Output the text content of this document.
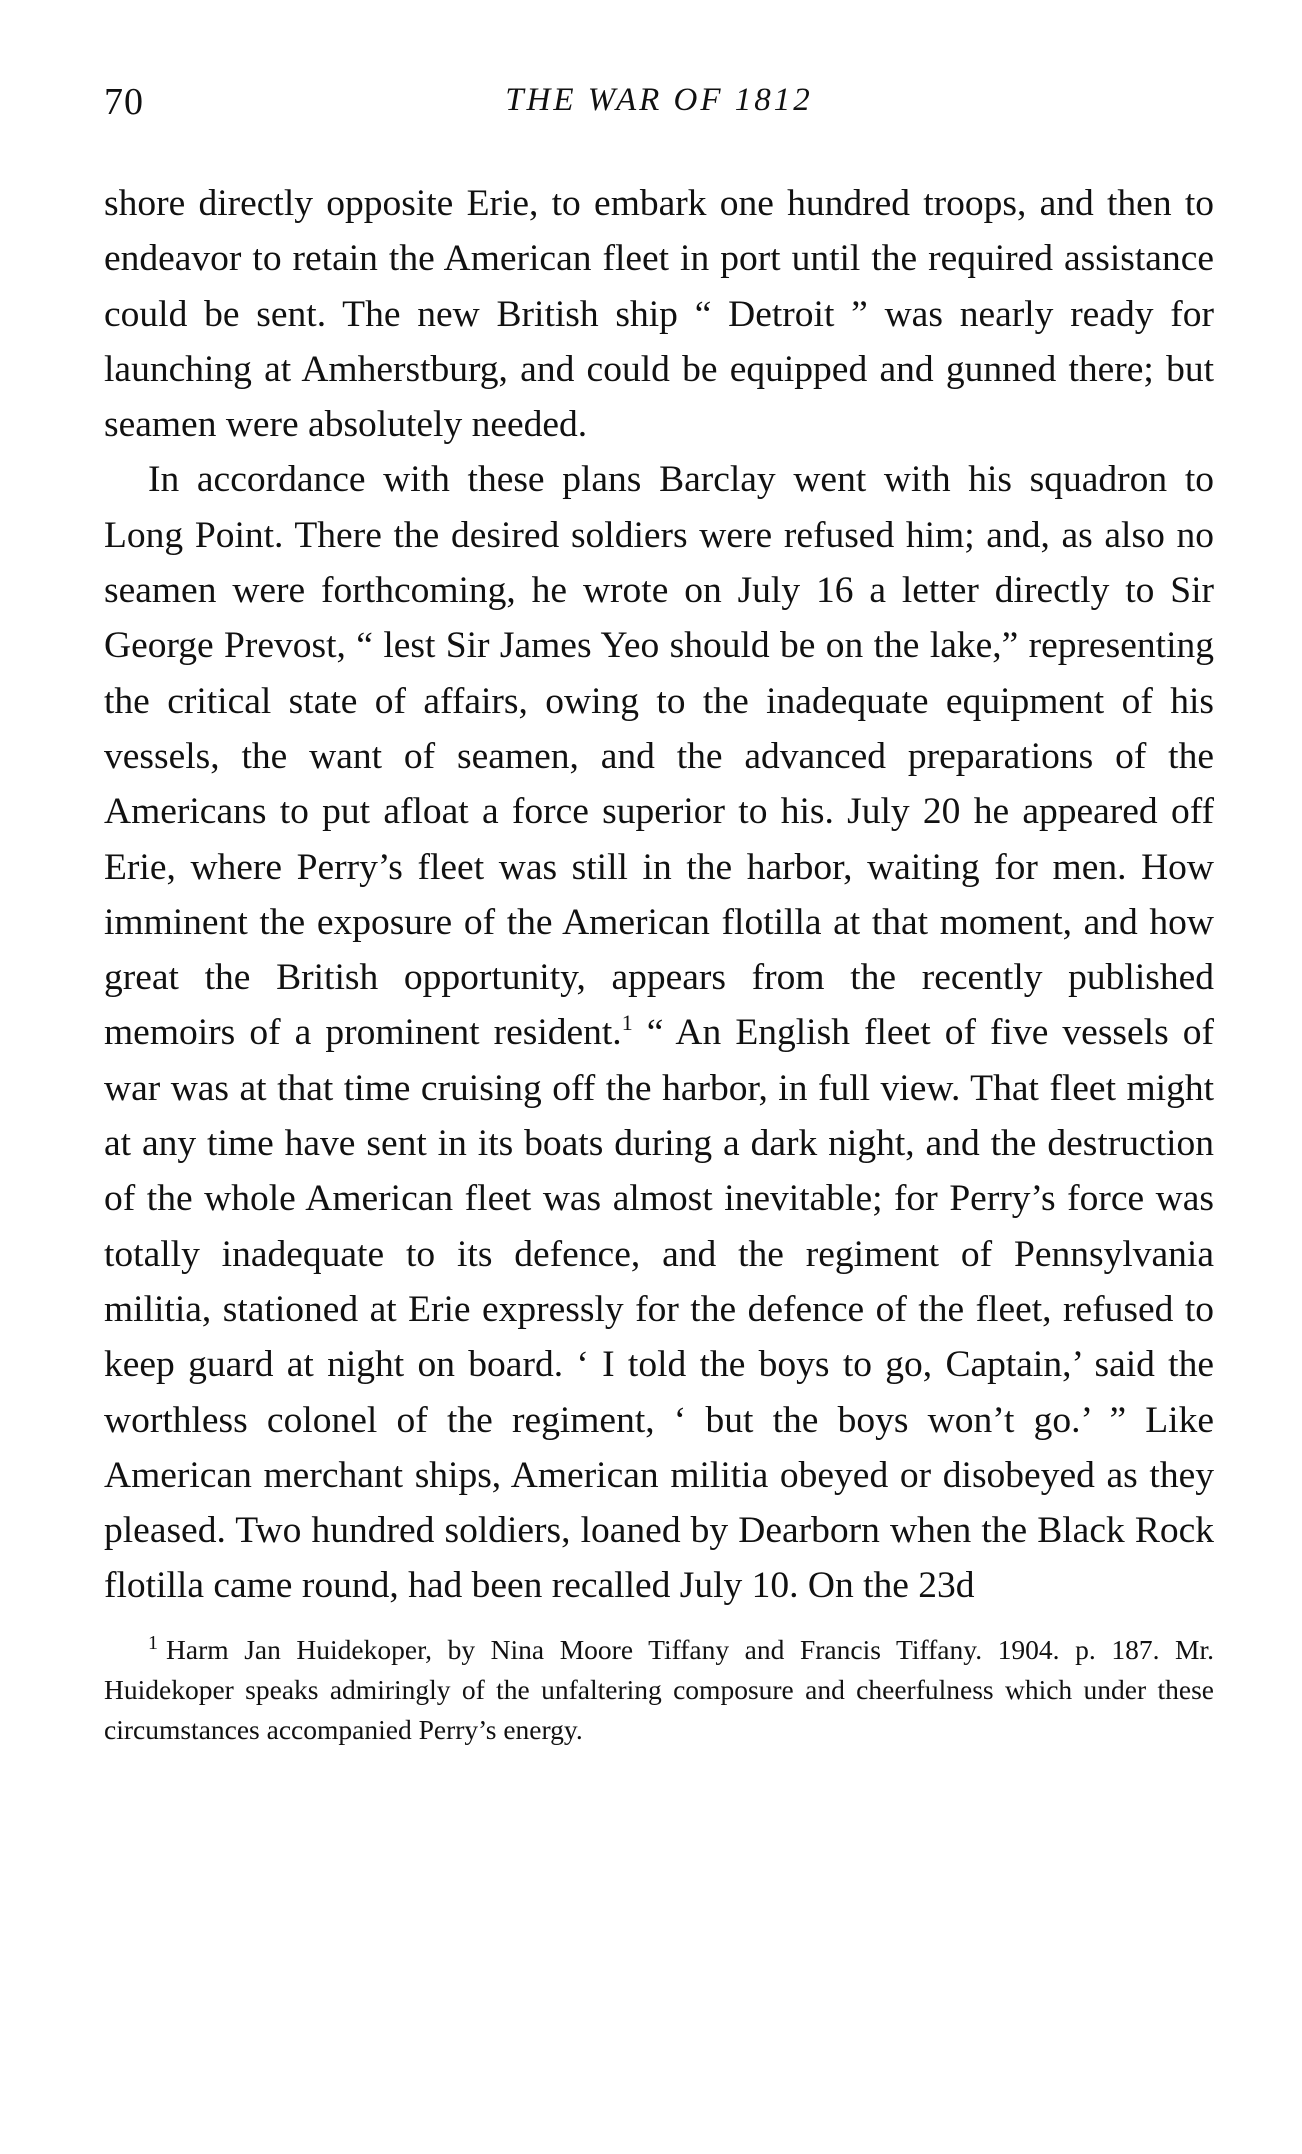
70	THE WAR OF 1812

shore directly opposite Erie, to embark one hundred troops, and then to endeavor to retain the American fleet in port until the required assistance could be sent. The new British ship “ Detroit ” was nearly ready for launching at Amherstburg, and could be equipped and gunned there; but seamen were absolutely needed.

In accordance with these plans Barclay went with his squadron to Long Point. There the desired soldiers were refused him; and, as also no seamen were forthcoming, he wrote on July 16 a letter directly to Sir George Prevost, “ lest Sir James Yeo should be on the lake,” representing the critical state of affairs, owing to the inadequate equipment of his vessels, the want of seamen, and the advanced preparations of the Americans to put afloat a force superior to his. July 20 he appeared off Erie, where Perry’s fleet was still in the harbor, waiting for men. How imminent the exposure of the American flotilla at that moment, and how great the British opportunity, appears from the recently published memoirs of a prominent resident.$^1$ “ An English fleet of five vessels of war was at that time cruising off the harbor, in full view. That fleet might at any time have sent in its boats during a dark night, and the destruction of the whole American fleet was almost inevitable; for Perry’s force was totally inadequate to its defence, and the regiment of Pennsylvania militia, stationed at Erie expressly for the defence of the fleet, refused to keep guard at night on board. ‘ I told the boys to go, Captain,’ said the worthless colonel of the regiment, ‘ but the boys won’t go.’ ” Like American merchant ships, American militia obeyed or disobeyed as they pleased. Two hundred soldiers, loaned by Dearborn when the Black Rock flotilla came round, had been recalled July 10. On the 23d

$^1$ Harm Jan Huidekoper, by Nina Moore Tiffany and Francis Tiffany. 1904. p. 187. Mr. Huidekoper speaks admiringly of the unfaltering composure and cheerfulness which under these circumstances accompanied Perry’s energy.
